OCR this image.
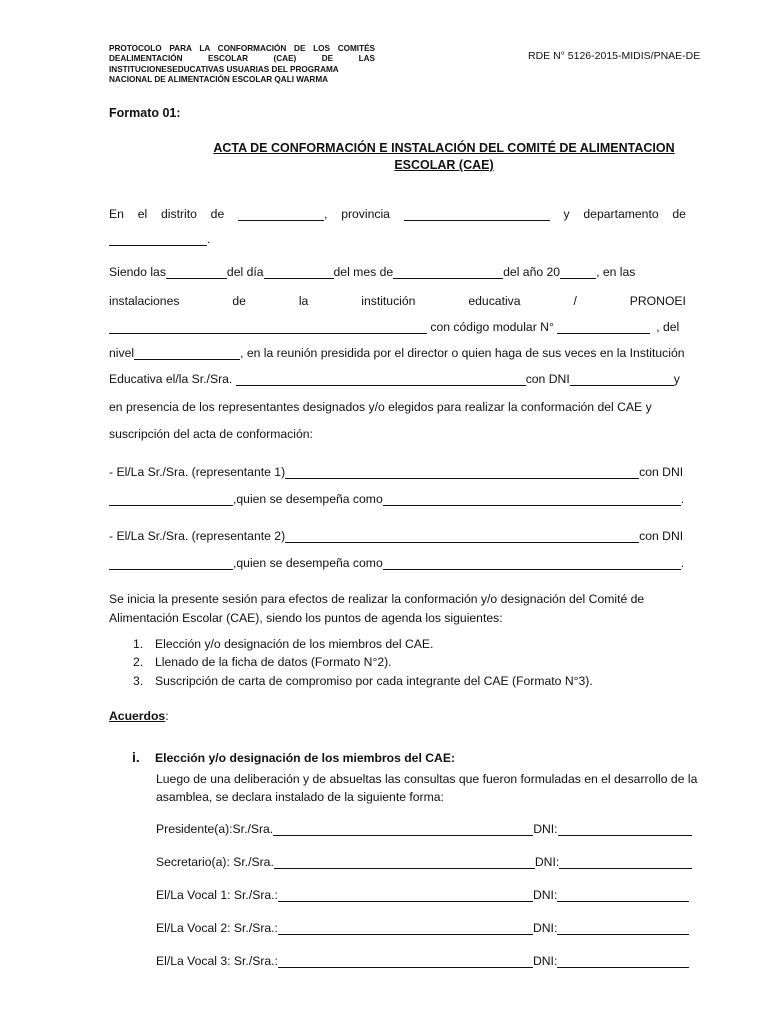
PROTOCOLO PARA LA CONFORMACIÓN DE LOS COMITÉS
DEALIMENTACIÓN ESCOLAR (CAE) DE LAS
INSTITUCIONESEDUCATIVAS USUARIAS DEL PROGRAMA
NACIONAL DE ALIMENTACIÓN ESCOLAR QALI WARMA
RDE N° 5126-2015-MIDIS/PNAE-DE
Formato 01:
ACTA DE CONFORMACIÓN E INSTALACIÓN DEL COMITÉ DE ALIMENTACION ESCOLAR (CAE)
En el distrito de	, provincia	y departamento de
.
Siendo las	del día	del mes de	del año 20	, en las
instalaciones	de	la	institución	educativa	/	PRONOEI
con código modular N°	, del
nivel	, en la reunión presidida por el director o quien haga de sus veces en la Institución
Educativa el/la Sr./Sra.	con DNI	y
en presencia de los representantes designados y/o elegidos para realizar la conformación del CAE y
suscripción del acta de conformación:
- El/La Sr./Sra. (representante 1)	con DNI
,quien se desempeña como	.
- El/La Sr./Sra. (representante 2)	con DNI
,quien se desempeña como	.
Se inicia la presente sesión para efectos de realizar la conformación y/o designación del Comité de
Alimentación Escolar (CAE), siendo los puntos de agenda los siguientes:
1. Elección y/o designación de los miembros del CAE.
2. Llenado de la ficha de datos (Formato N°2).
3. Suscripción de carta de compromiso por cada integrante del CAE (Formato N°3).
Acuerdos:
i. Elección y/o designación de los miembros del CAE:
Luego de una deliberación y de absueltas las consultas que fueron formuladas en el desarrollo de la
asamblea, se declara instalado de la siguiente forma:
Presidente(a):Sr./Sra.	DNI:
Secretario(a): Sr./Sra.	DNI:
El/La Vocal 1: Sr./Sra.:	DNI:
El/La Vocal 2: Sr./Sra.:	DNI:
El/La Vocal 3: Sr./Sra.:	DNI:
